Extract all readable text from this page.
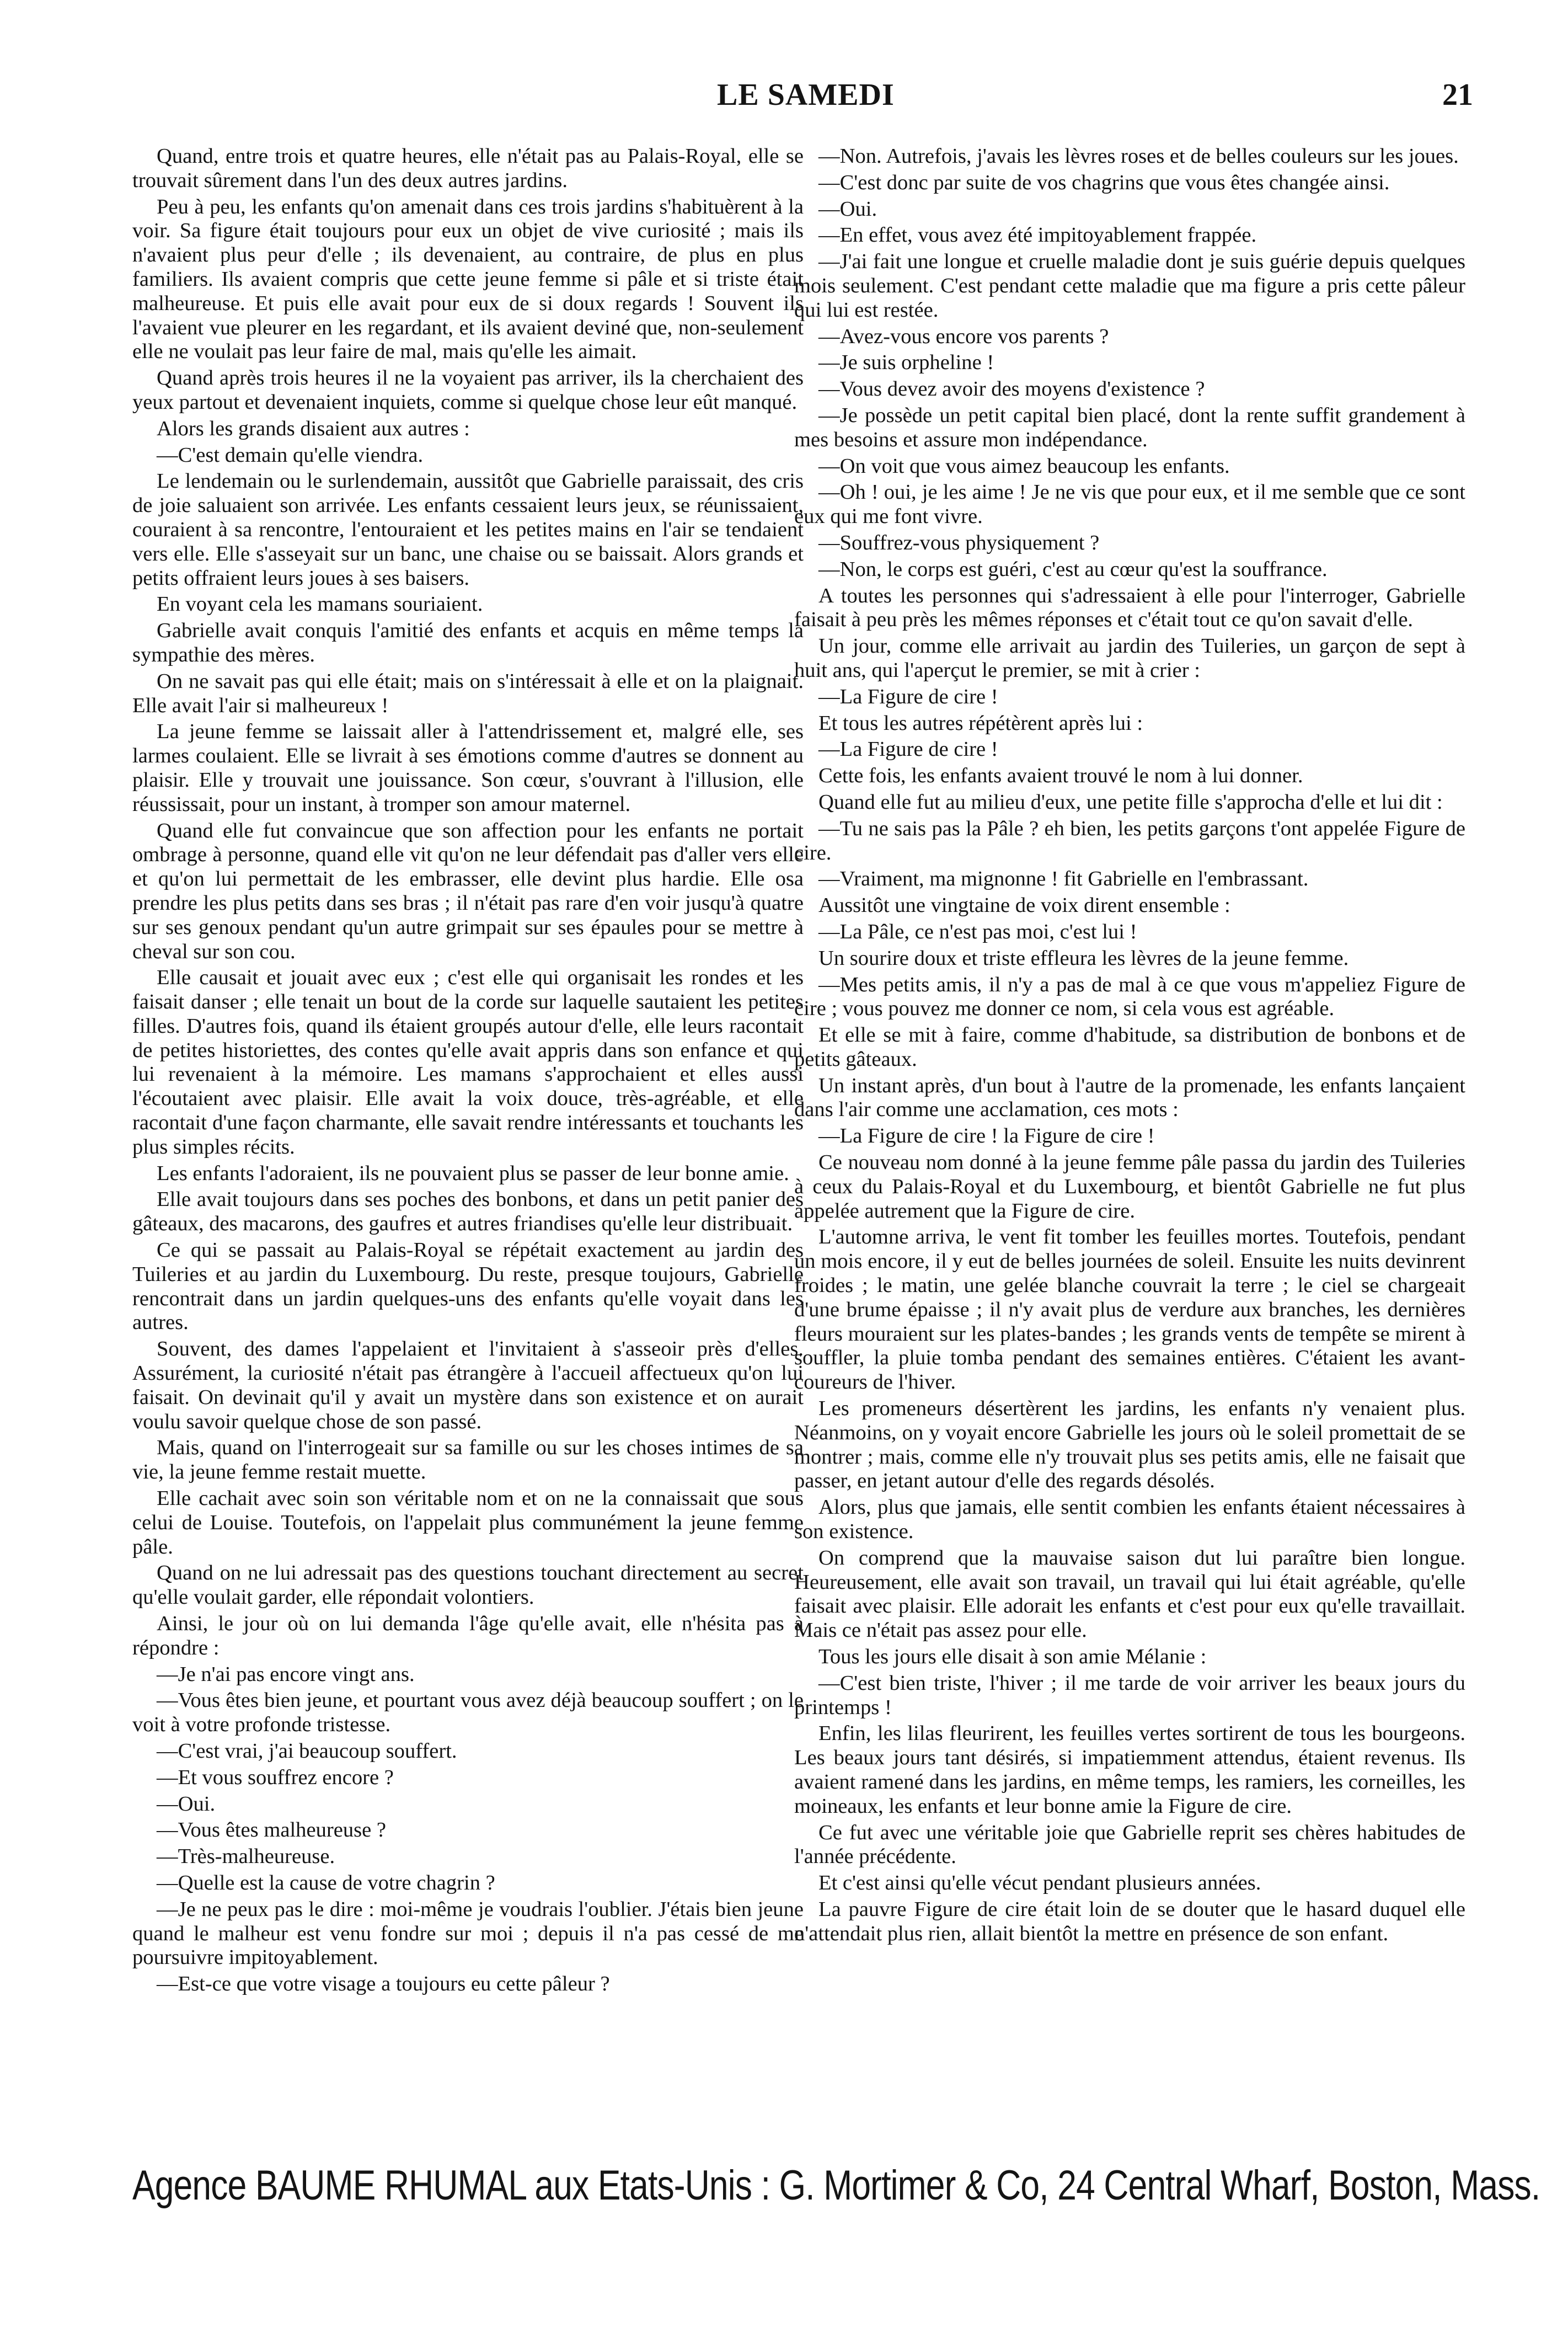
LE SAMEDI	21

Quand, entre trois et quatre heures, elle n'était pas au Palais-Royal, elle se trouvait sûrement dans l'un des deux autres jardins.

Peu à peu, les enfants qu'on amenait dans ces trois jardins s'habituèrent à la voir. Sa figure était toujours pour eux un objet de vive curiosité ; mais ils n'avaient plus peur d'elle ; ils devenaient, au contraire, de plus en plus familiers. Ils avaient compris que cette jeune femme si pâle et si triste était malheureuse. Et puis elle avait pour eux de si doux regards ! Souvent ils l'avaient vue pleurer en les regardant, et ils avaient deviné que, non-seulement elle ne voulait pas leur faire de mal, mais qu'elle les aimait.

Quand après trois heures il ne la voyaient pas arriver, ils la cherchaient des yeux partout et devenaient inquiets, comme si quelque chose leur eût manqué.

Alors les grands disaient aux autres :

—C'est demain qu'elle viendra.

Le lendemain ou le surlendemain, aussitôt que Gabrielle paraissait, des cris de joie saluaient son arrivée. Les enfants cessaient leurs jeux, se réunissaient, couraient à sa rencontre, l'entouraient et les petites mains en l'air se tendaient vers elle. Elle s'asseyait sur un banc, une chaise ou se baissait. Alors grands et petits offraient leurs joues à ses baisers.

En voyant cela les mamans souriaient.

Gabrielle avait conquis l'amitié des enfants et acquis en même temps la sympathie des mères.

On ne savait pas qui elle était; mais on s'intéressait à elle et on la plaignait. Elle avait l'air si malheureux !

La jeune femme se laissait aller à l'attendrissement et, malgré elle, ses larmes coulaient. Elle se livrait à ses émotions comme d'autres se donnent au plaisir. Elle y trouvait une jouissance. Son cœur, s'ouvrant à l'illusion, elle réussissait, pour un instant, à tromper son amour maternel.

Quand elle fut convaincue que son affection pour les enfants ne portait ombrage à personne, quand elle vit qu'on ne leur défendait pas d'aller vers elle et qu'on lui permettait de les embrasser, elle devint plus hardie. Elle osa prendre les plus petits dans ses bras ; il n'était pas rare d'en voir jusqu'à quatre sur ses genoux pendant qu'un autre grimpait sur ses épaules pour se mettre à cheval sur son cou.

Elle causait et jouait avec eux ; c'est elle qui organisait les rondes et les faisait danser ; elle tenait un bout de la corde sur laquelle sautaient les petites filles. D'autres fois, quand ils étaient groupés autour d'elle, elle leurs racontait de petites historiettes, des contes qu'elle avait appris dans son enfance et qui lui revenaient à la mémoire. Les mamans s'approchaient et elles aussi l'écoutaient avec plaisir. Elle avait la voix douce, très-agréable, et elle racontait d'une façon charmante, elle savait rendre intéressants et touchants les plus simples récits.

Les enfants l'adoraient, ils ne pouvaient plus se passer de leur bonne amie.

Elle avait toujours dans ses poches des bonbons, et dans un petit panier des gâteaux, des macarons, des gaufres et autres friandises qu'elle leur distribuait.

Ce qui se passait au Palais-Royal se répétait exactement au jardin des Tuileries et au jardin du Luxembourg. Du reste, presque toujours, Gabrielle rencontrait dans un jardin quelques-uns des enfants qu'elle voyait dans les autres.

Souvent, des dames l'appelaient et l'invitaient à s'asseoir près d'elles. Assurément, la curiosité n'était pas étrangère à l'accueil affectueux qu'on lui faisait. On devinait qu'il y avait un mystère dans son existence et on aurait voulu savoir quelque chose de son passé.

Mais, quand on l'interrogeait sur sa famille ou sur les choses intimes de sa vie, la jeune femme restait muette.

Elle cachait avec soin son véritable nom et on ne la connaissait que sous celui de Louise. Toutefois, on l'appelait plus communément la jeune femme pâle.

Quand on ne lui adressait pas des questions touchant directement au secret qu'elle voulait garder, elle répondait volontiers.

Ainsi, le jour où on lui demanda l'âge qu'elle avait, elle n'hésita pas à répondre :

—Je n'ai pas encore vingt ans.

—Vous êtes bien jeune, et pourtant vous avez déjà beaucoup souffert ; on le voit à votre profonde tristesse.

—C'est vrai, j'ai beaucoup souffert.

—Et vous souffrez encore ?

—Oui.

—Vous êtes malheureuse ?

—Très-malheureuse.

—Quelle est la cause de votre chagrin ?

—Je ne peux pas le dire : moi-même je voudrais l'oublier. J'étais bien jeune quand le malheur est venu fondre sur moi ; depuis il n'a pas cessé de me poursuivre impitoyablement.

—Est-ce que votre visage a toujours eu cette pâleur ?

—Non. Autrefois, j'avais les lèvres roses et de belles couleurs sur les joues.

—C'est donc par suite de vos chagrins que vous êtes changée ainsi.

—Oui.

—En effet, vous avez été impitoyablement frappée.

—J'ai fait une longue et cruelle maladie dont je suis guérie depuis quelques mois seulement. C'est pendant cette maladie que ma figure a pris cette pâleur qui lui est restée.

—Avez-vous encore vos parents ?

—Je suis orpheline !

—Vous devez avoir des moyens d'existence ?

—Je possède un petit capital bien placé, dont la rente suffit grandement à mes besoins et assure mon indépendance.

—On voit que vous aimez beaucoup les enfants.

—Oh ! oui, je les aime ! Je ne vis que pour eux, et il me semble que ce sont eux qui me font vivre.

—Souffrez-vous physiquement ?

—Non, le corps est guéri, c'est au cœur qu'est la souffrance.

A toutes les personnes qui s'adressaient à elle pour l'interroger, Gabrielle faisait à peu près les mêmes réponses et c'était tout ce qu'on savait d'elle.

Un jour, comme elle arrivait au jardin des Tuileries, un garçon de sept à huit ans, qui l'aperçut le premier, se mit à crier :

—La Figure de cire !

Et tous les autres répétèrent après lui :

—La Figure de cire !

Cette fois, les enfants avaient trouvé le nom à lui donner.

Quand elle fut au milieu d'eux, une petite fille s'approcha d'elle et lui dit :

—Tu ne sais pas la Pâle ? eh bien, les petits garçons t'ont appelée Figure de cire.

—Vraiment, ma mignonne ! fit Gabrielle en l'embrassant.

Aussitôt une vingtaine de voix dirent ensemble :

—La Pâle, ce n'est pas moi, c'est lui !

Un sourire doux et triste effleura les lèvres de la jeune femme.

—Mes petits amis, il n'y a pas de mal à ce que vous m'appeliez Figure de cire ; vous pouvez me donner ce nom, si cela vous est agréable.

Et elle se mit à faire, comme d'habitude, sa distribution de bonbons et de petits gâteaux.

Un instant après, d'un bout à l'autre de la promenade, les enfants lançaient dans l'air comme une acclamation, ces mots :

—La Figure de cire ! la Figure de cire !

Ce nouveau nom donné à la jeune femme pâle passa du jardin des Tuileries à ceux du Palais-Royal et du Luxembourg, et bientôt Gabrielle ne fut plus appelée autrement que la Figure de cire.

L'automne arriva, le vent fit tomber les feuilles mortes. Toutefois, pendant un mois encore, il y eut de belles journées de soleil. Ensuite les nuits devinrent froides ; le matin, une gelée blanche couvrait la terre ; le ciel se chargeait d'une brume épaisse ; il n'y avait plus de verdure aux branches, les dernières fleurs mouraient sur les plates-bandes ; les grands vents de tempête se mirent à souffler, la pluie tomba pendant des semaines entières. C'étaient les avant-coureurs de l'hiver.

Les promeneurs désertèrent les jardins, les enfants n'y venaient plus. Néanmoins, on y voyait encore Gabrielle les jours où le soleil promettait de se montrer ; mais, comme elle n'y trouvait plus ses petits amis, elle ne faisait que passer, en jetant autour d'elle des regards désolés.

Alors, plus que jamais, elle sentit combien les enfants étaient nécessaires à son existence.

On comprend que la mauvaise saison dut lui paraître bien longue. Heureusement, elle avait son travail, un travail qui lui était agréable, qu'elle faisait avec plaisir. Elle adorait les enfants et c'est pour eux qu'elle travaillait. Mais ce n'était pas assez pour elle.

Tous les jours elle disait à son amie Mélanie :

—C'est bien triste, l'hiver ; il me tarde de voir arriver les beaux jours du printemps !

Enfin, les lilas fleurirent, les feuilles vertes sortirent de tous les bourgeons. Les beaux jours tant désirés, si impatiemment attendus, étaient revenus. Ils avaient ramené dans les jardins, en même temps, les ramiers, les corneilles, les moineaux, les enfants et leur bonne amie la Figure de cire.

Ce fut avec une véritable joie que Gabrielle reprit ses chères habitudes de l'année précédente.

Et c'est ainsi qu'elle vécut pendant plusieurs années.

La pauvre Figure de cire était loin de se douter que le hasard duquel elle n'attendait plus rien, allait bientôt la mettre en présence de son enfant.

Agence BAUME RHUMAL aux Etats-Unis : G. Mortimer & Co, 24 Central Wharf, Boston, Mass.
